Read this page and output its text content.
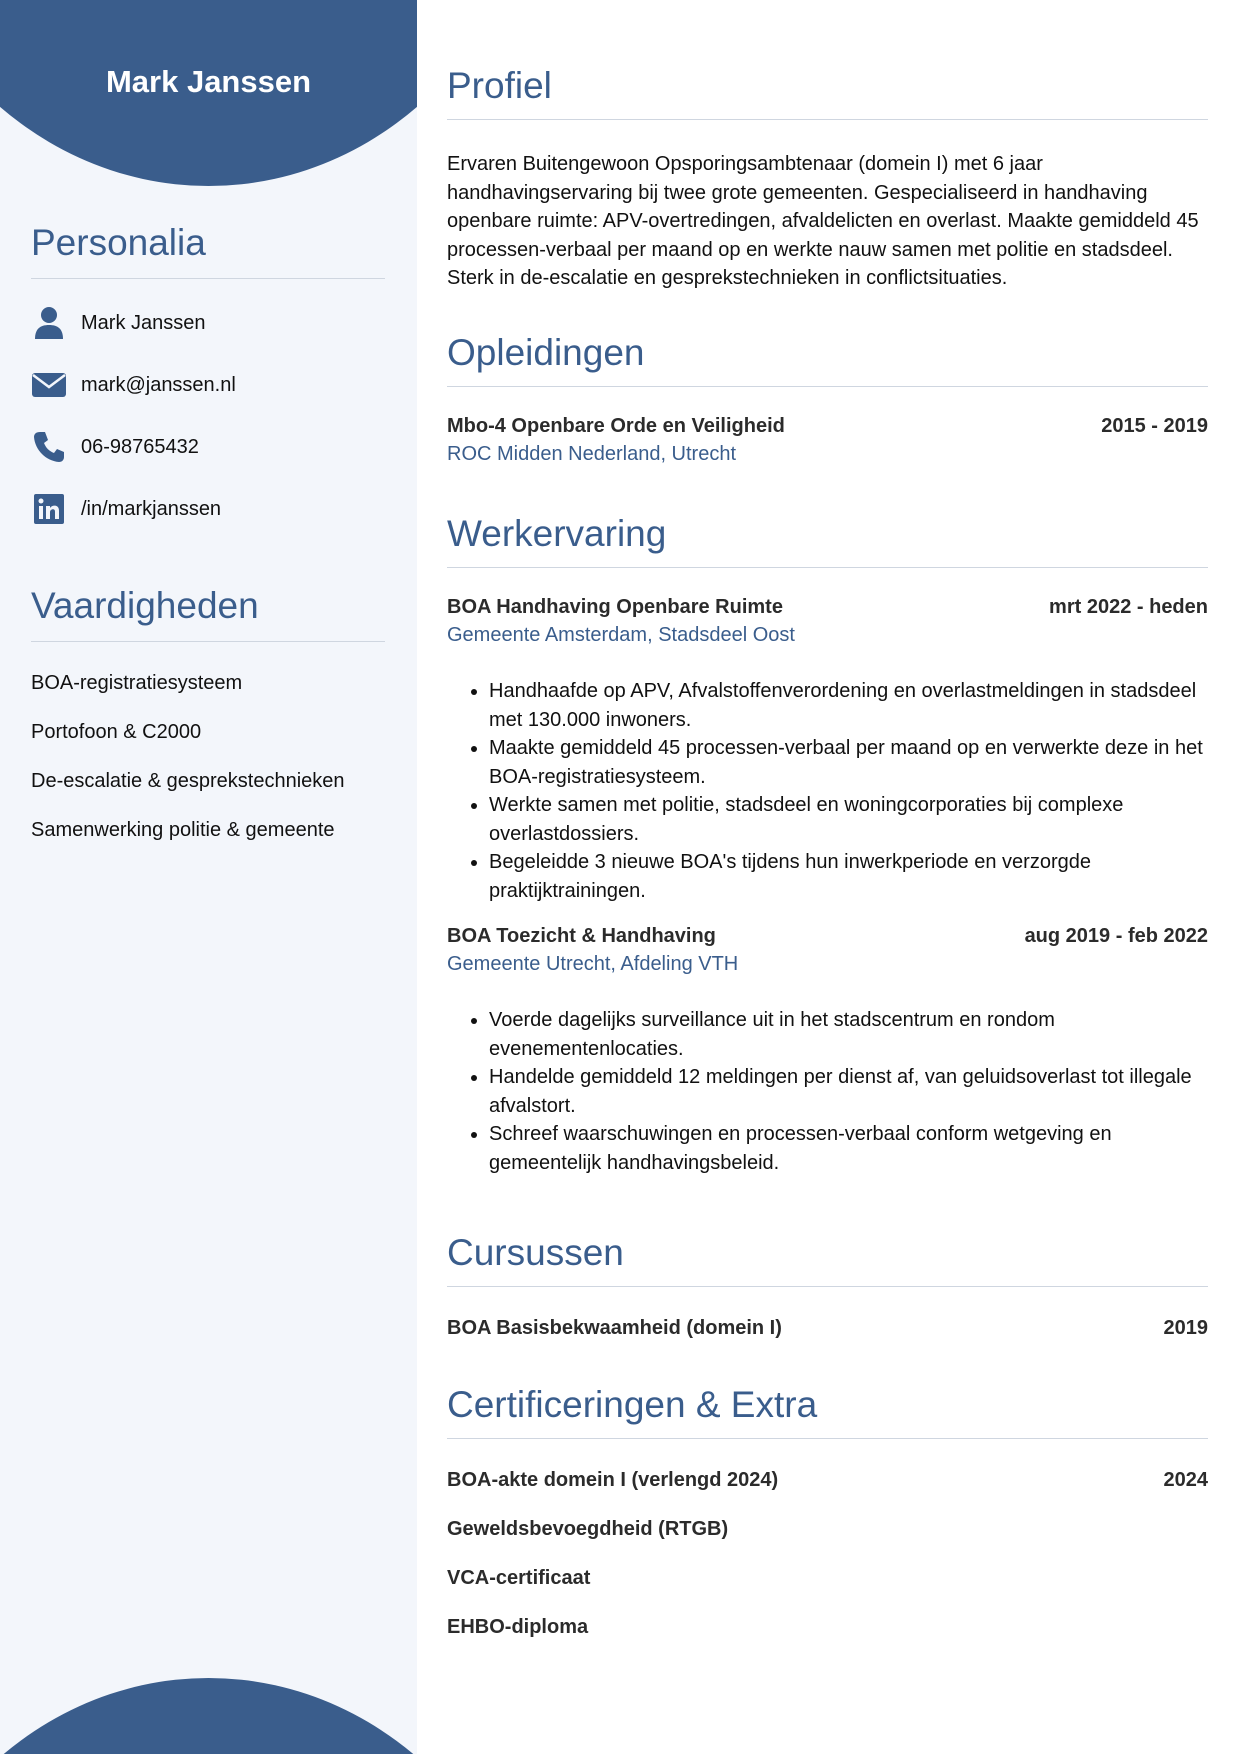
Mark Janssen
Personalia
Mark Janssen
mark@janssen.nl
06-98765432
/in/markjanssen
Vaardigheden
BOA-registratiesysteem
Portofoon & C2000
De-escalatie & gesprekstechnieken
Samenwerking politie & gemeente
Profiel
Ervaren Buitengewoon Opsporingsambtenaar (domein I) met 6 jaar handhavingservaring bij twee grote gemeenten. Gespecialiseerd in handhaving openbare ruimte: APV-overtredingen, afvaldelicten en overlast. Maakte gemiddeld 45 processen-verbaal per maand op en werkte nauw samen met politie en stadsdeel. Sterk in de-escalatie en gesprekstechnieken in conflictsituaties.
Opleidingen
Mbo-4 Openbare Orde en Veiligheid	2015 - 2019
ROC Midden Nederland, Utrecht
Werkervaring
BOA Handhaving Openbare Ruimte	mrt 2022 - heden
Gemeente Amsterdam, Stadsdeel Oost
• Handhaafde op APV, Afvalstoffenverordening en overlastmeldingen in stadsdeel met 130.000 inwoners.
• Maakte gemiddeld 45 processen-verbaal per maand op en verwerkte deze in het BOA-registratiesysteem.
• Werkte samen met politie, stadsdeel en woningcorporaties bij complexe overlastdossiers.
• Begeleidde 3 nieuwe BOA's tijdens hun inwerkperiode en verzorgde praktijktrainingen.
BOA Toezicht & Handhaving	aug 2019 - feb 2022
Gemeente Utrecht, Afdeling VTH
• Voerde dagelijks surveillance uit in het stadscentrum en rondom evenementenlocaties.
• Handelde gemiddeld 12 meldingen per dienst af, van geluidsoverlast tot illegale afvalstort.
• Schreef waarschuwingen en processen-verbaal conform wetgeving en gemeentelijk handhavingsbeleid.
Cursussen
BOA Basisbekwaamheid (domein I)	2019
Certificeringen & Extra
BOA-akte domein I (verlengd 2024)	2024
Geweldsbevoegdheid (RTGB)
VCA-certificaat
EHBO-diploma
